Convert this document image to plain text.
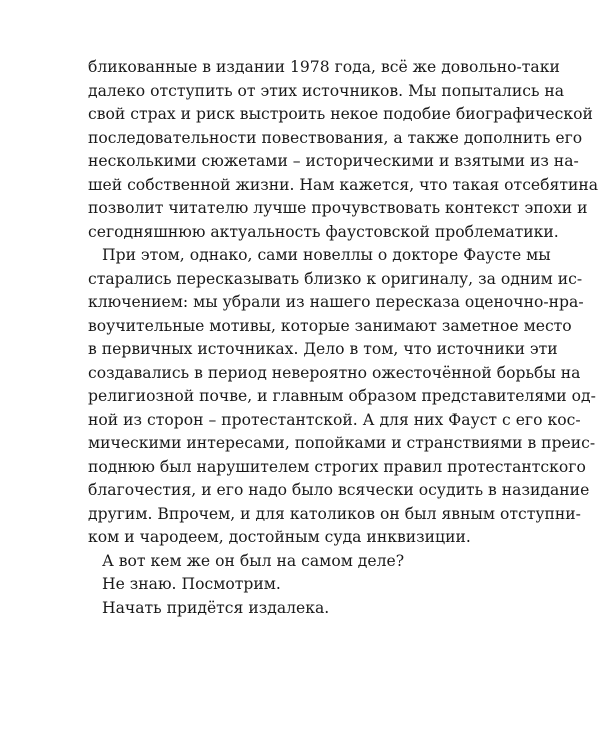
бликованные в издании 1978 года, всё же довольно-таки
далеко отступить от этих источников. Мы попытались на
свой страх и риск выстроить некое подобие биографической
последовательности повествования, а также дополнить его
несколькими сюжетами – историческими и взятыми из на-
шей собственной жизни. Нам кажется, что такая отсебятина
позволит читателю лучше прочувствовать контекст эпохи и
сегодняшнюю актуальность фаустовской проблематики.
При этом, однако, сами новеллы о докторе Фаусте мы
старались пересказывать близко к оригиналу, за одним ис-
ключением: мы убрали из нашего пересказа оценочно-нра-
воучительные мотивы, которые занимают заметное место
в первичных источниках. Дело в том, что источники эти
создавались в период невероятно ожесточённой борьбы на
религиозной почве, и главным образом представителями од-
ной из сторон – протестантской. А для них Фауст с его кос-
мическими интересами, попойками и странствиями в преис-
поднюю был нарушителем строгих правил протестантского
благочестия, и его надо было всячески осудить в назидание
другим. Впрочем, и для католиков он был явным отступни-
ком и чародеем, достойным суда инквизиции.
А вот кем же он был на самом деле?
Не знаю. Посмотрим.
Начать придётся издалека.
